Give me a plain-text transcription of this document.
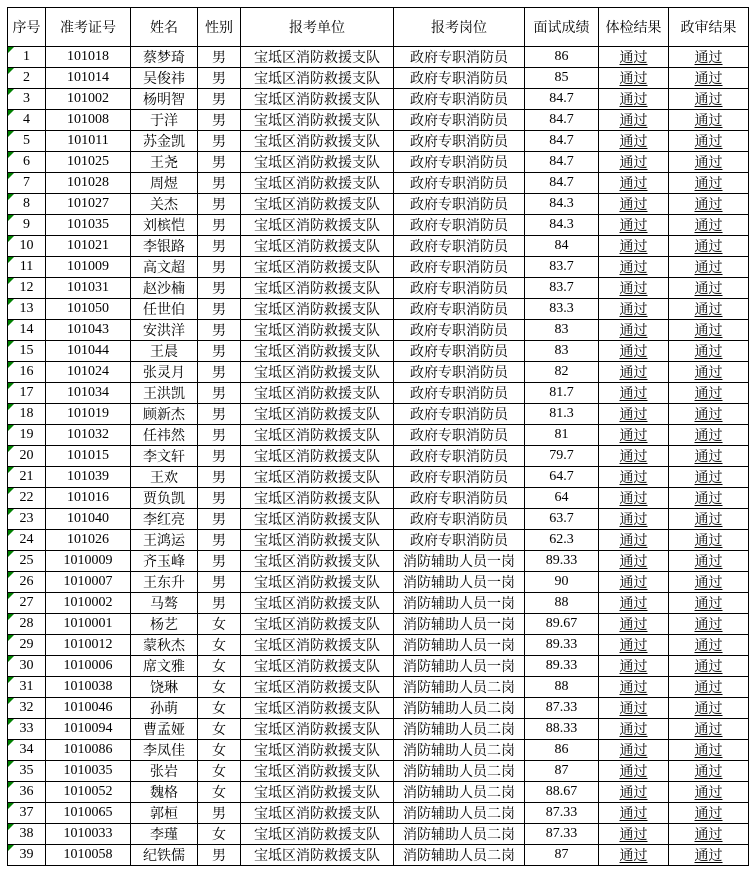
序号	准考证号	姓名	性别	报考单位	报考岗位	面试成绩	体检结果	政审结果

1	101018	蔡梦琦	男	宝坻区消防救援支队	政府专职消防员	86	通过	通过

2	101014	吴俊祎	男	宝坻区消防救援支队	政府专职消防员	85	通过	通过

3	101002	杨明智	男	宝坻区消防救援支队	政府专职消防员	84.7	通过	通过

4	101008	于洋	男	宝坻区消防救援支队	政府专职消防员	84.7	通过	通过

5	101011	苏金凯	男	宝坻区消防救援支队	政府专职消防员	84.7	通过	通过

6	101025	王尧	男	宝坻区消防救援支队	政府专职消防员	84.7	通过	通过

7	101028	周煜	男	宝坻区消防救援支队	政府专职消防员	84.7	通过	通过

8	101027	关杰	男	宝坻区消防救援支队	政府专职消防员	84.3	通过	通过

9	101035	刘槟恺	男	宝坻区消防救援支队	政府专职消防员	84.3	通过	通过

10	101021	李银路	男	宝坻区消防救援支队	政府专职消防员	84	通过	通过

11	101009	高文超	男	宝坻区消防救援支队	政府专职消防员	83.7	通过	通过

12	101031	赵沙楠	男	宝坻区消防救援支队	政府专职消防员	83.7	通过	通过

13	101050	任世伯	男	宝坻区消防救援支队	政府专职消防员	83.3	通过	通过

14	101043	安洪洋	男	宝坻区消防救援支队	政府专职消防员	83	通过	通过

15	101044	王晨	男	宝坻区消防救援支队	政府专职消防员	83	通过	通过

16	101024	张灵月	男	宝坻区消防救援支队	政府专职消防员	82	通过	通过

17	101034	王洪凯	男	宝坻区消防救援支队	政府专职消防员	81.7	通过	通过

18	101019	顾新杰	男	宝坻区消防救援支队	政府专职消防员	81.3	通过	通过

19	101032	任祎然	男	宝坻区消防救援支队	政府专职消防员	81	通过	通过

20	101015	李文轩	男	宝坻区消防救援支队	政府专职消防员	79.7	通过	通过

21	101039	王欢	男	宝坻区消防救援支队	政府专职消防员	64.7	通过	通过

22	101016	贾负凯	男	宝坻区消防救援支队	政府专职消防员	64	通过	通过

23	101040	李红亮	男	宝坻区消防救援支队	政府专职消防员	63.7	通过	通过

24	101026	王鸿运	男	宝坻区消防救援支队	政府专职消防员	62.3	通过	通过

25	1010009	齐玉峰	男	宝坻区消防救援支队	消防辅助人员一岗	89.33	通过	通过

26	1010007	王东升	男	宝坻区消防救援支队	消防辅助人员一岗	90	通过	通过

27	1010002	马骜	男	宝坻区消防救援支队	消防辅助人员一岗	88	通过	通过

28	1010001	杨艺	女	宝坻区消防救援支队	消防辅助人员一岗	89.67	通过	通过

29	1010012	蒙秋杰	女	宝坻区消防救援支队	消防辅助人员一岗	89.33	通过	通过

30	1010006	席文雅	女	宝坻区消防救援支队	消防辅助人员一岗	89.33	通过	通过

31	1010038	饶琳	女	宝坻区消防救援支队	消防辅助人员二岗	88	通过	通过

32	1010046	孙萌	女	宝坻区消防救援支队	消防辅助人员二岗	87.33	通过	通过

33	1010094	曹孟娅	女	宝坻区消防救援支队	消防辅助人员二岗	88.33	通过	通过

34	1010086	李凤佳	女	宝坻区消防救援支队	消防辅助人员二岗	86	通过	通过

35	1010035	张岩	女	宝坻区消防救援支队	消防辅助人员二岗	87	通过	通过

36	1010052	魏格	女	宝坻区消防救援支队	消防辅助人员二岗	88.67	通过	通过

37	1010065	郭桓	男	宝坻区消防救援支队	消防辅助人员二岗	87.33	通过	通过

38	1010033	李瑾	女	宝坻区消防救援支队	消防辅助人员二岗	87.33	通过	通过

39	1010058	纪铁儒	男	宝坻区消防救援支队	消防辅助人员二岗	87	通过	通过
